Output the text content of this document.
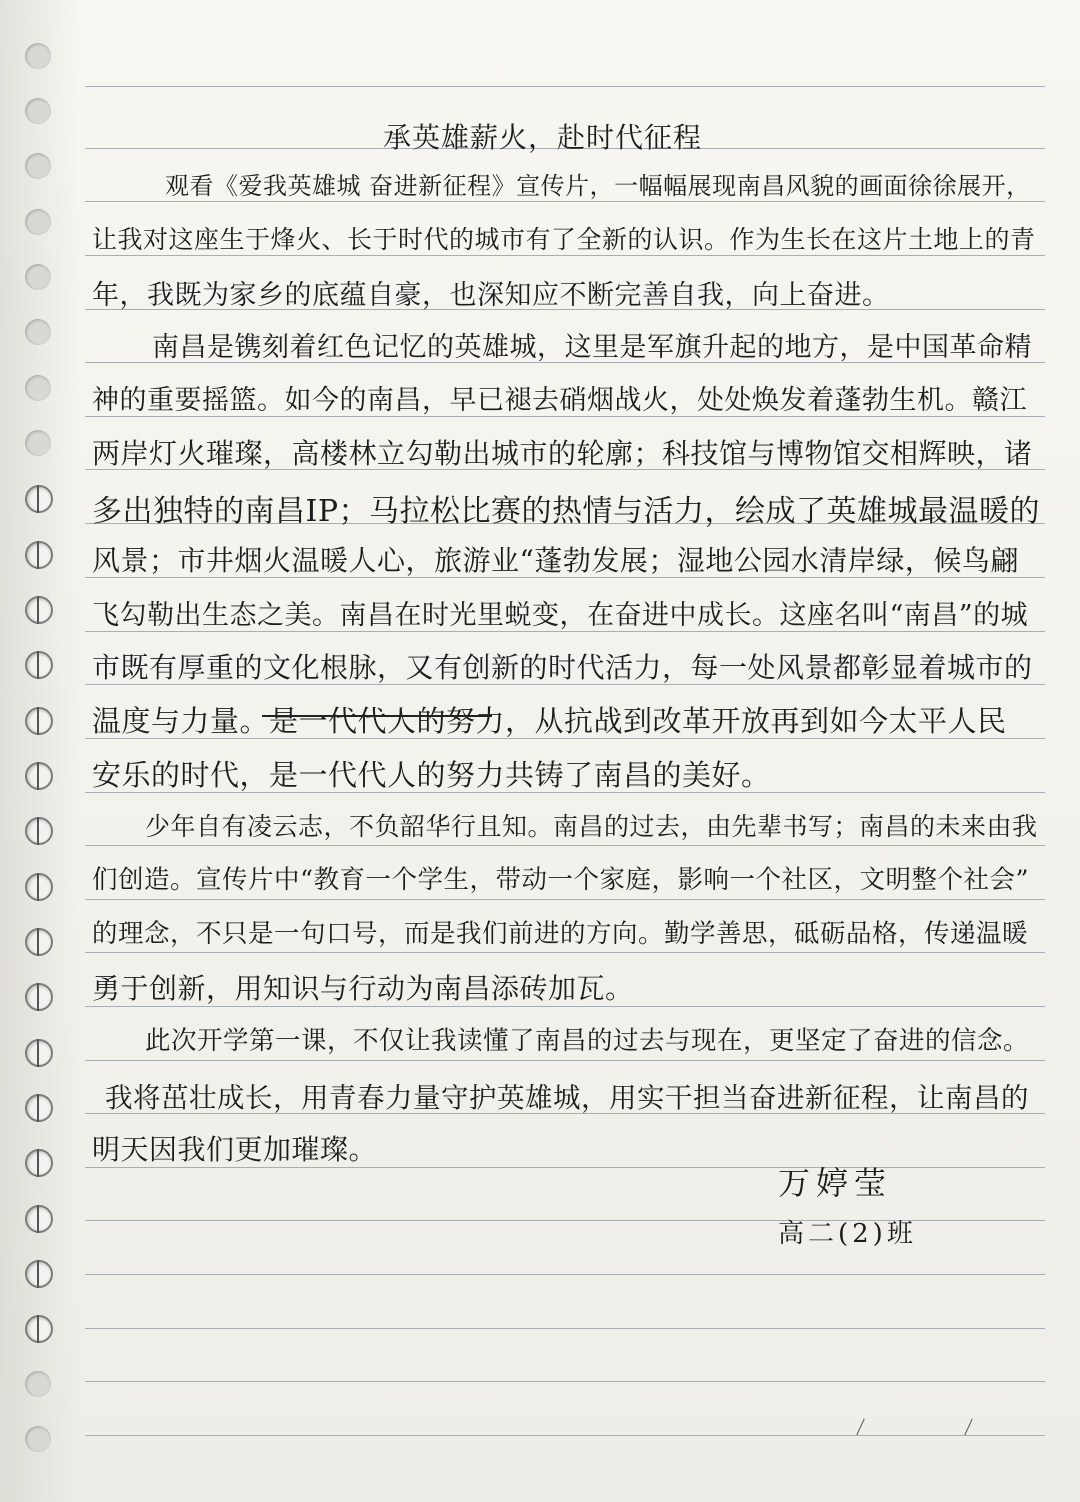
承英雄薪火，赴时代征程
观看《爱我英雄城 奋进新征程》宣传片，一幅幅展现南昌风貌的画面徐徐展开，
让我对这座生于烽火、长于时代的城市有了全新的认识。作为生长在这片土地上的青
年，我既为家乡的底蕴自豪，也深知应不断完善自我，向上奋进。
南昌是镌刻着红色记忆的英雄城，这里是军旗升起的地方，是中国革命精
神的重要摇篮。如今的南昌，早已褪去硝烟战火，处处焕发着蓬勃生机。赣江
两岸灯火璀璨，高楼林立勾勒出城市的轮廓；科技馆与博物馆交相辉映，诸
多出独特的南昌IP；马拉松比赛的热情与活力，绘成了英雄城最温暖的
风景；市井烟火温暖人心，旅游业“蓬勃发展；湿地公园水清岸绿，候鸟翩
飞勾勒出生态之美。南昌在时光里蜕变，在奋进中成长。这座名叫“南昌”的城
市既有厚重的文化根脉，又有创新的时代活力，每一处风景都彰显着城市的
温度与力量。是一代代人的努力，从抗战到改革开放再到如今太平人民
安乐的时代，是一代代人的努力共铸了南昌的美好。
少年自有凌云志，不负韶华行且知。南昌的过去，由先辈书写；南昌的未来由我
们创造。宣传片中“教育一个学生，带动一个家庭，影响一个社区，文明整个社会”
的理念，不只是一句口号，而是我们前进的方向。勤学善思，砥砺品格，传递温暖
勇于创新，用知识与行动为南昌添砖加瓦。
此次开学第一课，不仅让我读懂了南昌的过去与现在，更坚定了奋进的信念。
我将茁壮成长，用青春力量守护英雄城，用实干担当奋进新征程，让南昌的
明天因我们更加璀璨。
万婷莹
高二(2)班
